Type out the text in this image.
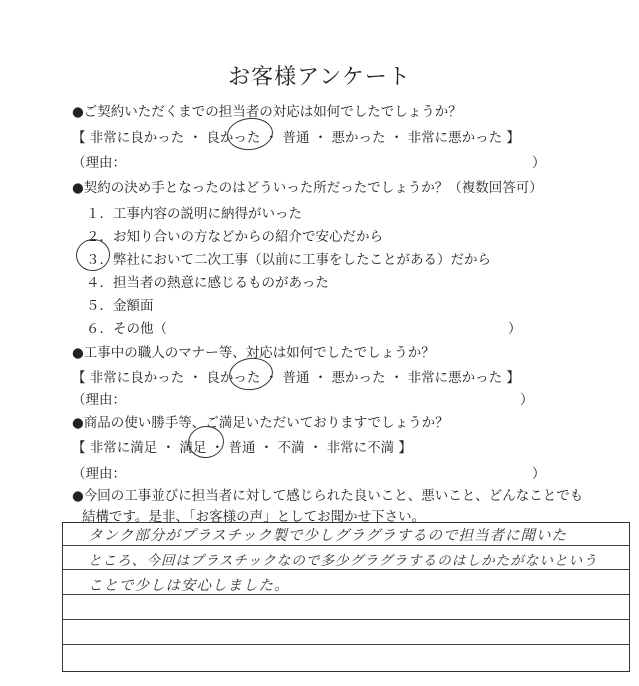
お客様アンケート
●ご契約いただくまでの担当者の対応は如何でしたでしょうか？
【 非常に良かった ・ 良かった ・ 普通 ・ 悪かった ・ 非常に悪かった 】
（理由：	）
●契約の決め手となったのはどういった所だったでしょうか？（複数回答可）
１．工事内容の説明に納得がいった
２．お知り合いの方などからの紹介で安心だから
３．弊社において二次工事（以前に工事をしたことがある）だから
４．担当者の熱意に感じるものがあった
５．金額面
６．その他（	）
●工事中の職人のマナー等、対応は如何でしたでしょうか？
【 非常に良かった ・ 良かった ・ 普通 ・ 悪かった ・ 非常に悪かった 】
（理由：	）
●商品の使い勝手等、ご満足いただいておりますでしょうか？
【 非常に満足 ・ 満足 ・ 普通 ・ 不満 ・ 非常に不満 】
（理由：	）
●今回の工事並びに担当者に対して感じられた良いこと、悪いこと、どんなことでも
結構です。是非、「お客様の声」としてお聞かせ下さい。
タンク部分がプラスチック製で少しグラグラするので担当者に聞いた
ところ、今回はプラスチックなので多少グラグラするのはしかたがないという
ことで少しは安心しました。
